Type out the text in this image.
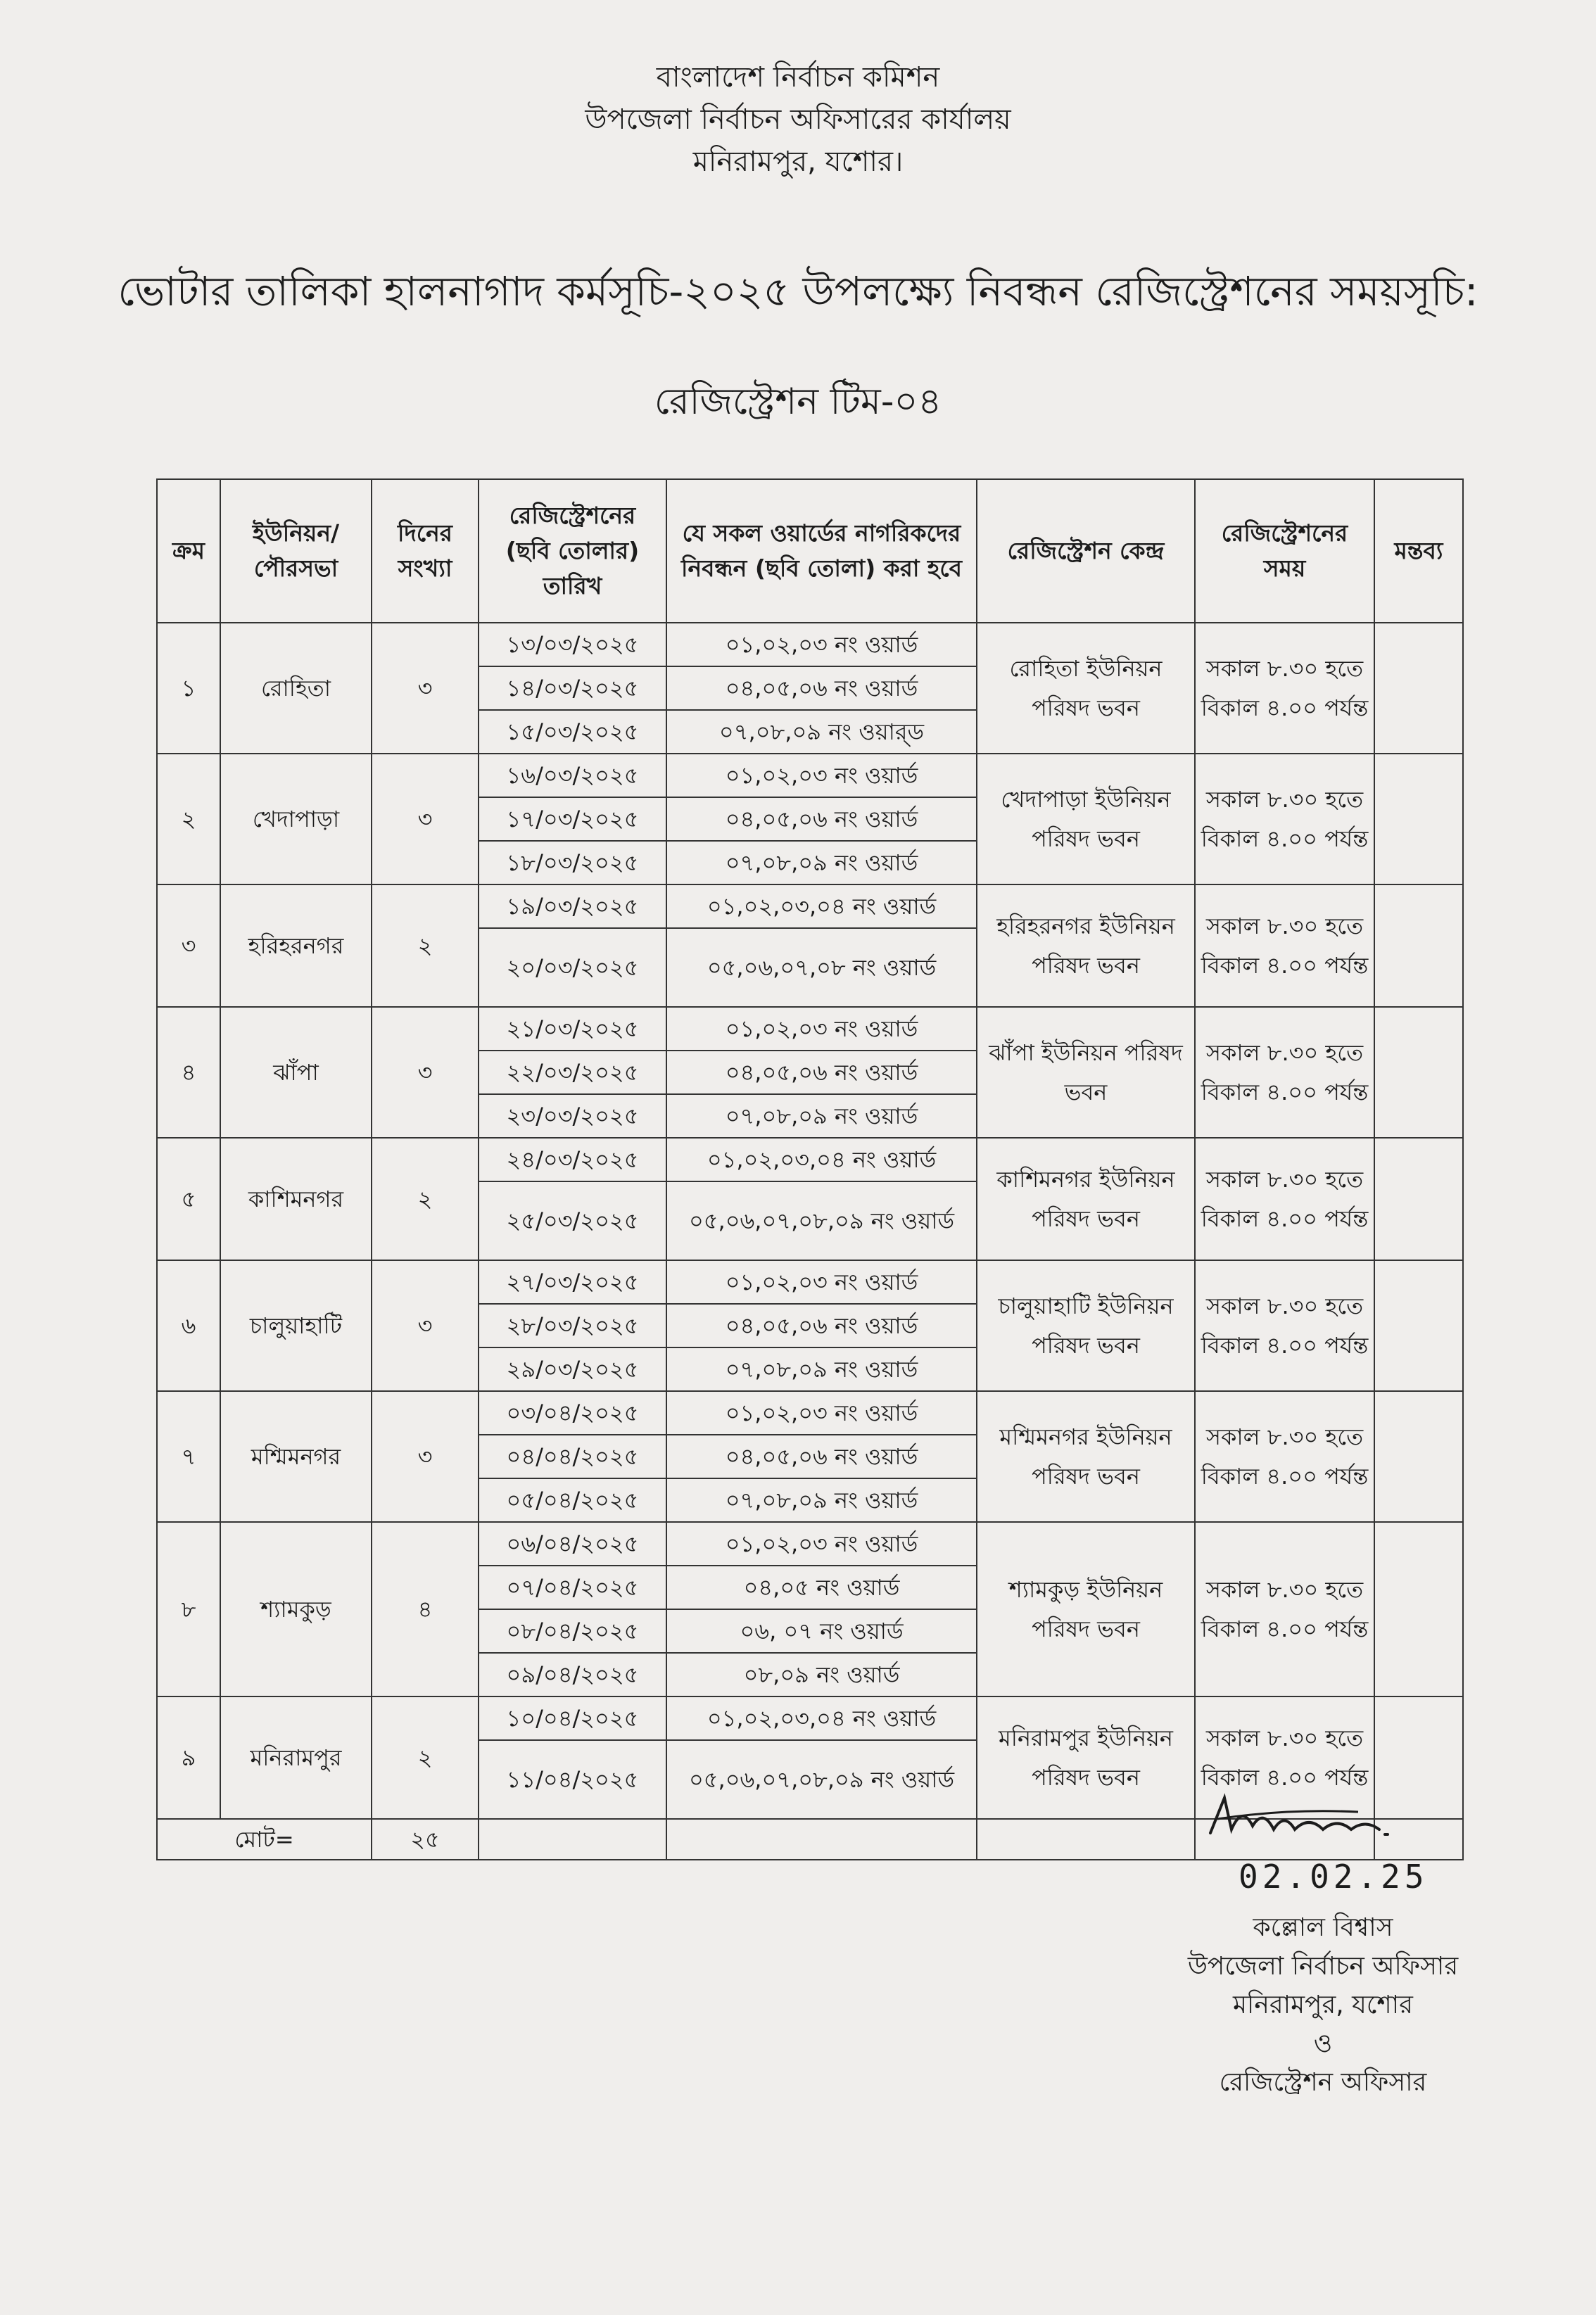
বাংলাদেশ নির্বাচন কমিশন
উপজেলা নির্বাচন অফিসারের কার্যালয়
মনিরামপুর, যশোর।
ভোটার তালিকা হালনাগাদ কর্মসূচি-২০২৫ উপলক্ষ্যে নিবন্ধন রেজিস্ট্রেশনের সময়সূচি:
রেজিস্ট্রেশন টিম-০৪
ক্রম	ইউনিয়ন/ পৌরসভা	দিনের সংখ্যা	রেজিস্ট্রেশনের (ছবি তোলার) তারিখ	যে সকল ওয়ার্ডের নাগরিকদের নিবন্ধন (ছবি তোলা) করা হবে	রেজিস্ট্রেশন কেন্দ্র	রেজিস্ট্রেশনের সময়	মন্তব্য
১	রোহিতা	৩	১৩/০৩/২০২৫	০১,০২,০৩ নং ওয়ার্ড	রোহিতা ইউনিয়ন পরিষদ ভবন	সকাল ৮.৩০ হতে বিকাল ৪.০০ পর্যন্ত	
			১৪/০৩/২০২৫	০৪,০৫,০৬ নং ওয়ার্ড			
			১৫/০৩/২০২৫	০৭,০৮,০৯ নং ওয়ার্‍ড			
২	খেদাপাড়া	৩	১৬/০৩/২০২৫	০১,০২,০৩ নং ওয়ার্ড	খেদাপাড়া ইউনিয়ন পরিষদ ভবন	সকাল ৮.৩০ হতে বিকাল ৪.০০ পর্যন্ত	
			১৭/০৩/২০২৫	০৪,০৫,০৬ নং ওয়ার্ড			
			১৮/০৩/২০২৫	০৭,০৮,০৯ নং ওয়ার্ড			
৩	হরিহরনগর	২	১৯/০৩/২০২৫	০১,০২,০৩,০৪ নং ওয়ার্ড	হরিহরনগর ইউনিয়ন পরিষদ ভবন	সকাল ৮.৩০ হতে বিকাল ৪.০০ পর্যন্ত	
			২০/০৩/২০২৫	০৫,০৬,০৭,০৮ নং ওয়ার্ড			
৪	ঝাঁপা	৩	২১/০৩/২০২৫	০১,০২,০৩ নং ওয়ার্ড	ঝাঁপা ইউনিয়ন পরিষদ ভবন	সকাল ৮.৩০ হতে বিকাল ৪.০০ পর্যন্ত	
			২২/০৩/২০২৫	০৪,০৫,০৬ নং ওয়ার্ড			
			২৩/০৩/২০২৫	০৭,০৮,০৯ নং ওয়ার্ড			
৫	কাশিমনগর	২	২৪/০৩/২০২৫	০১,০২,০৩,০৪ নং ওয়ার্ড	কাশিমনগর ইউনিয়ন পরিষদ ভবন	সকাল ৮.৩০ হতে বিকাল ৪.০০ পর্যন্ত	
			২৫/০৩/২০২৫	০৫,০৬,০৭,০৮,০৯ নং ওয়ার্ড			
৬	চালুয়াহাটি	৩	২৭/০৩/২০২৫	০১,০২,০৩ নং ওয়ার্ড	চালুয়াহাটি ইউনিয়ন পরিষদ ভবন	সকাল ৮.৩০ হতে বিকাল ৪.০০ পর্যন্ত	
			২৮/০৩/২০২৫	০৪,০৫,০৬ নং ওয়ার্ড			
			২৯/০৩/২০২৫	০৭,০৮,০৯ নং ওয়ার্ড			
৭	মশ্মিমনগর	৩	০৩/০৪/২০২৫	০১,০২,০৩ নং ওয়ার্ড	মশ্মিমনগর ইউনিয়ন পরিষদ ভবন	সকাল ৮.৩০ হতে বিকাল ৪.০০ পর্যন্ত	
			০৪/০৪/২০২৫	০৪,০৫,০৬ নং ওয়ার্ড			
			০৫/০৪/২০২৫	০৭,০৮,০৯ নং ওয়ার্ড			
৮	শ্যামকুড়	৪	০৬/০৪/২০২৫	০১,০২,০৩ নং ওয়ার্ড	শ্যামকুড় ইউনিয়ন পরিষদ ভবন	সকাল ৮.৩০ হতে বিকাল ৪.০০ পর্যন্ত	
			০৭/০৪/২০২৫	০৪,০৫ নং ওয়ার্ড			
			০৮/০৪/২০২৫	০৬, ০৭ নং ওয়ার্ড			
			০৯/০৪/২০২৫	০৮,০৯ নং ওয়ার্ড			
৯	মনিরামপুর	২	১০/০৪/২০২৫	০১,০২,০৩,০৪ নং ওয়ার্ড	মনিরামপুর ইউনিয়ন পরিষদ ভবন	সকাল ৮.৩০ হতে বিকাল ৪.০০ পর্যন্ত	
			১১/০৪/২০২৫	০৫,০৬,০৭,০৮,০৯ নং ওয়ার্ড			
মোট=		২৫					
02.02.25
কল্লোল বিশ্বাস
উপজেলা নির্বাচন অফিসার
মনিরামপুর, যশোর
ও
রেজিস্ট্রেশন অফিসার
